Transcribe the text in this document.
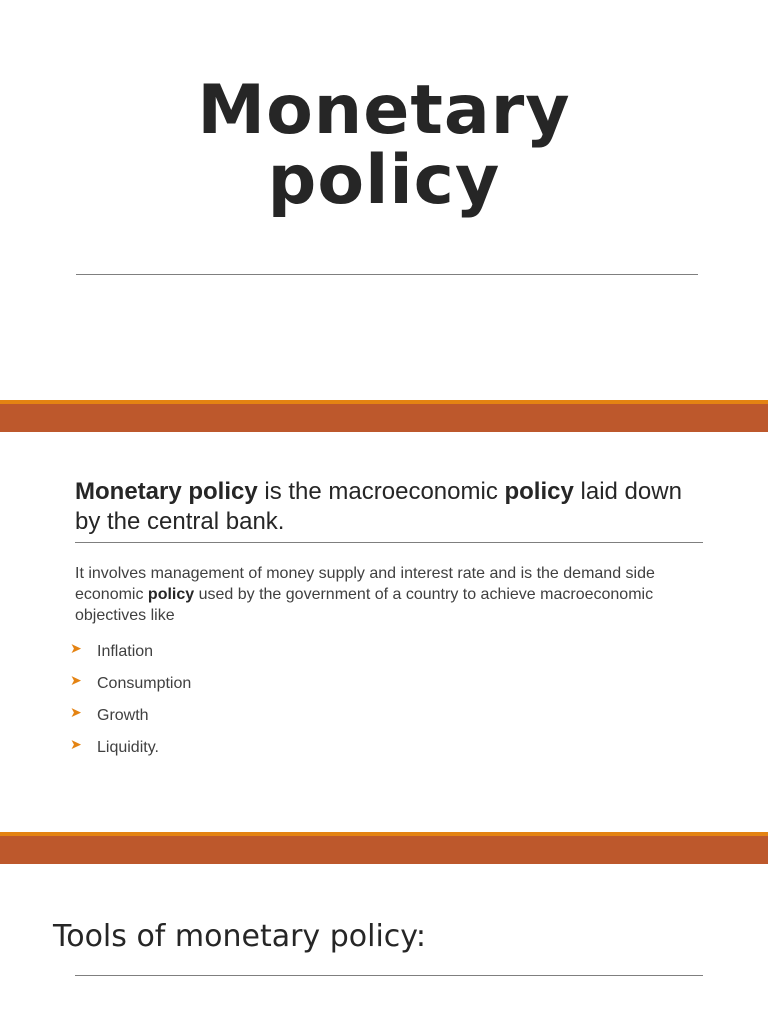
Monetary
policy
Monetary policy is the macroeconomic policy laid down by the central bank.
It involves management of money supply and interest rate and is the demand side economic policy used by the government of a country to achieve macroeconomic objectives like
➤ Inflation
➤ Consumption
➤ Growth
➤ Liquidity.
Tools of monetary policy:
